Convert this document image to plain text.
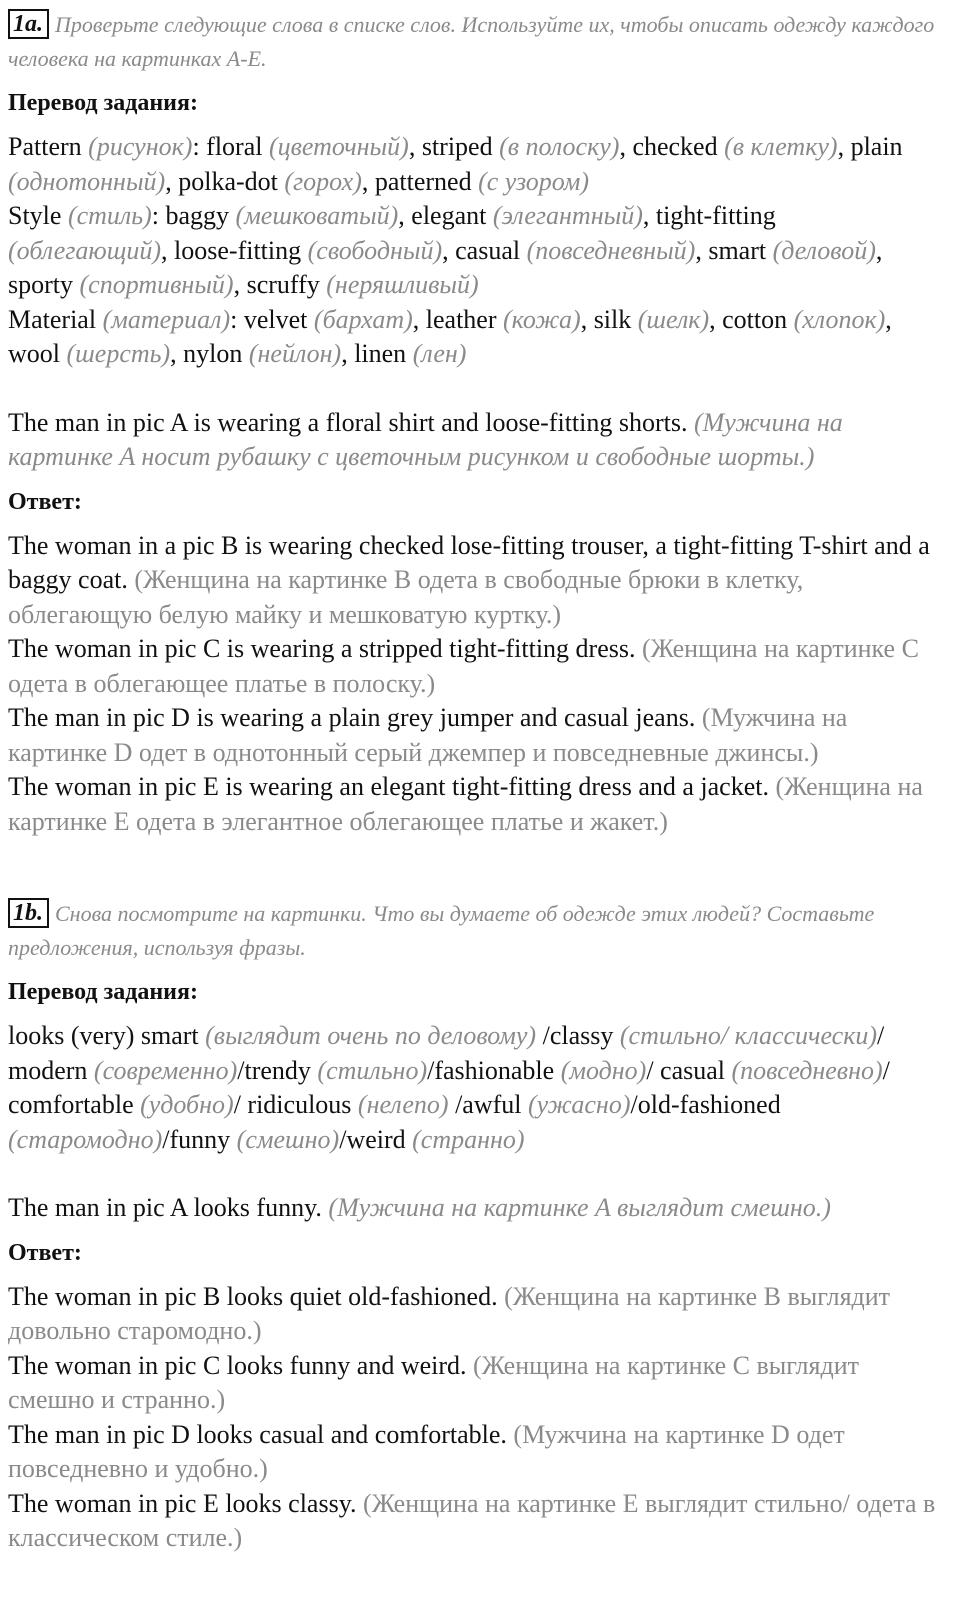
1a. Проверьте следующие слова в списке слов. Используйте их, чтобы описать одежду каждого человека на картинках A-E.
Перевод задания:
Pattern (рисунок): floral (цветочный), striped (в полоску), checked (в клетку), plain (однотонный), polka-dot (горох), patterned (с узором)
Style (стиль): baggy (мешковатый), elegant (элегантный), tight-fitting (облегающий), loose-fitting (свободный), casual (повседневный), smart (деловой), sporty (спортивный), scruffy (неряшливый)
Material (материал): velvet (бархат), leather (кожа), silk (шелк), cotton (хлопок), wool (шерсть), nylon (нейлон), linen (лен)
The man in pic A is wearing a floral shirt and loose-fitting shorts. (Мужчина на картинке A носит рубашку с цветочным рисунком и свободные шорты.)
Ответ:
The woman in a pic B is wearing checked lose-fitting trouser, a tight-fitting T-shirt and a baggy coat. (Женщина на картинке B одета в свободные брюки в клетку, облегающую белую майку и мешковатую куртку.)
The woman in pic C is wearing a stripped tight-fitting dress. (Женщина на картинке C одета в облегающее платье в полоску.)
The man in pic D is wearing a plain grey jumper and casual jeans. (Мужчина на картинке D одет в однотонный серый джемпер и повседневные джинсы.)
The woman in pic E is wearing an elegant tight-fitting dress and a jacket. (Женщина на картинке E одета в элегантное облегающее платье и жакет.)
1b. Снова посмотрите на картинки. Что вы думаете об одежде этих людей? Составьте предложения, используя фразы.
Перевод задания:
looks (very) smart (выглядит очень по деловому) /classy (стильно/ классически)/ modern (современно)/trendy (стильно)/fashionable (модно)/ casual (повседневно)/ comfortable (удобно)/ ridiculous (нелепо) /awful (ужасно)/old-fashioned (старомодно)/funny (смешно)/weird (странно)
The man in pic A looks funny. (Мужчина на картинке A выглядит смешно.)
Ответ:
The woman in pic B looks quiet old-fashioned. (Женщина на картинке B выглядит довольно старомодно.)
The woman in pic C looks funny and weird. (Женщина на картинке C выглядит смешно и странно.)
The man in pic D looks casual and comfortable. (Мужчина на картинке D одет повседневно и удобно.)
The woman in pic E looks classy. (Женщина на картинке E выглядит стильно/ одета в классическом стиле.)
